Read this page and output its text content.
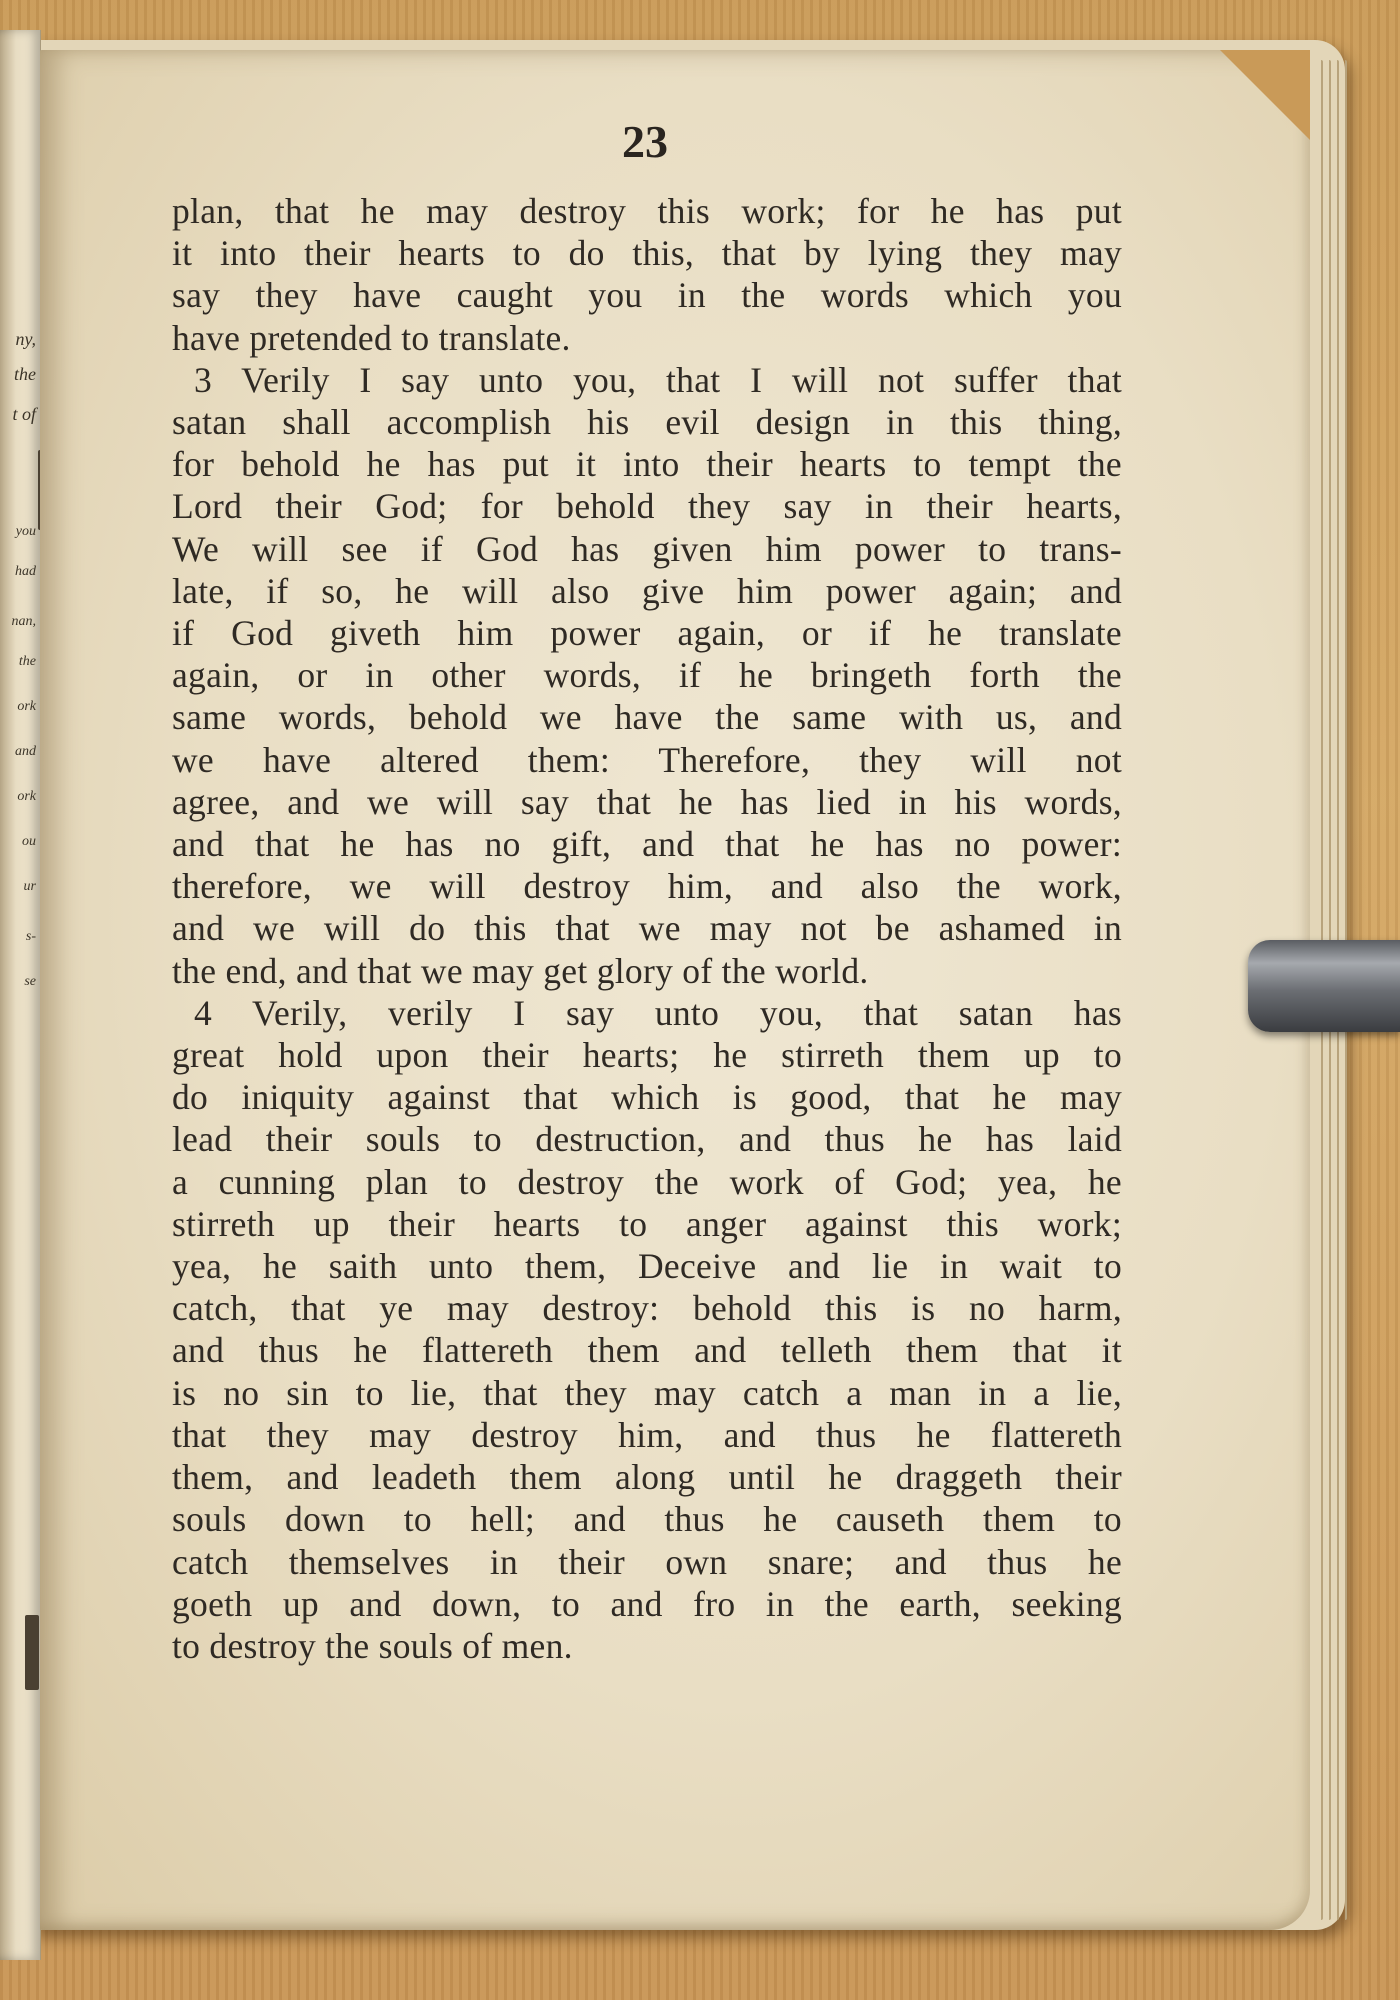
ny,
the
t of
you
had
nan,
the
ork
and
ork
ou
ur
s-
se
23
plan, that he may destroy this work; for he has put
it into their hearts to do this, that by lying they may
say they have caught you in the words which you
have pretended to translate.
3 Verily I say unto you, that I will not suffer that
satan shall accomplish his evil design in this thing,
for behold he has put it into their hearts to tempt the
Lord their God; for behold they say in their hearts,
We will see if God has given him power to trans-
late, if so, he will also give him power again; and
if God giveth him power again, or if he translate
again, or in other words, if he bringeth forth the
same words, behold we have the same with us, and
we have altered them: Therefore, they will not
agree, and we will say that he has lied in his words,
and that he has no gift, and that he has no power:
therefore, we will destroy him, and also the work,
and we will do this that we may not be ashamed in
the end, and that we may get glory of the world.
4 Verily, verily I say unto you, that satan has
great hold upon their hearts; he stirreth them up to
do iniquity against that which is good, that he may
lead their souls to destruction, and thus he has laid
a cunning plan to destroy the work of God; yea, he
stirreth up their hearts to anger against this work;
yea, he saith unto them, Deceive and lie in wait to
catch, that ye may destroy: behold this is no harm,
and thus he flattereth them and telleth them that it
is no sin to lie, that they may catch a man in a lie,
that they may destroy him, and thus he flattereth
them, and leadeth them along until he draggeth their
souls down to hell; and thus he causeth them to
catch themselves in their own snare; and thus he
goeth up and down, to and fro in the earth, seeking
to destroy the souls of men.
